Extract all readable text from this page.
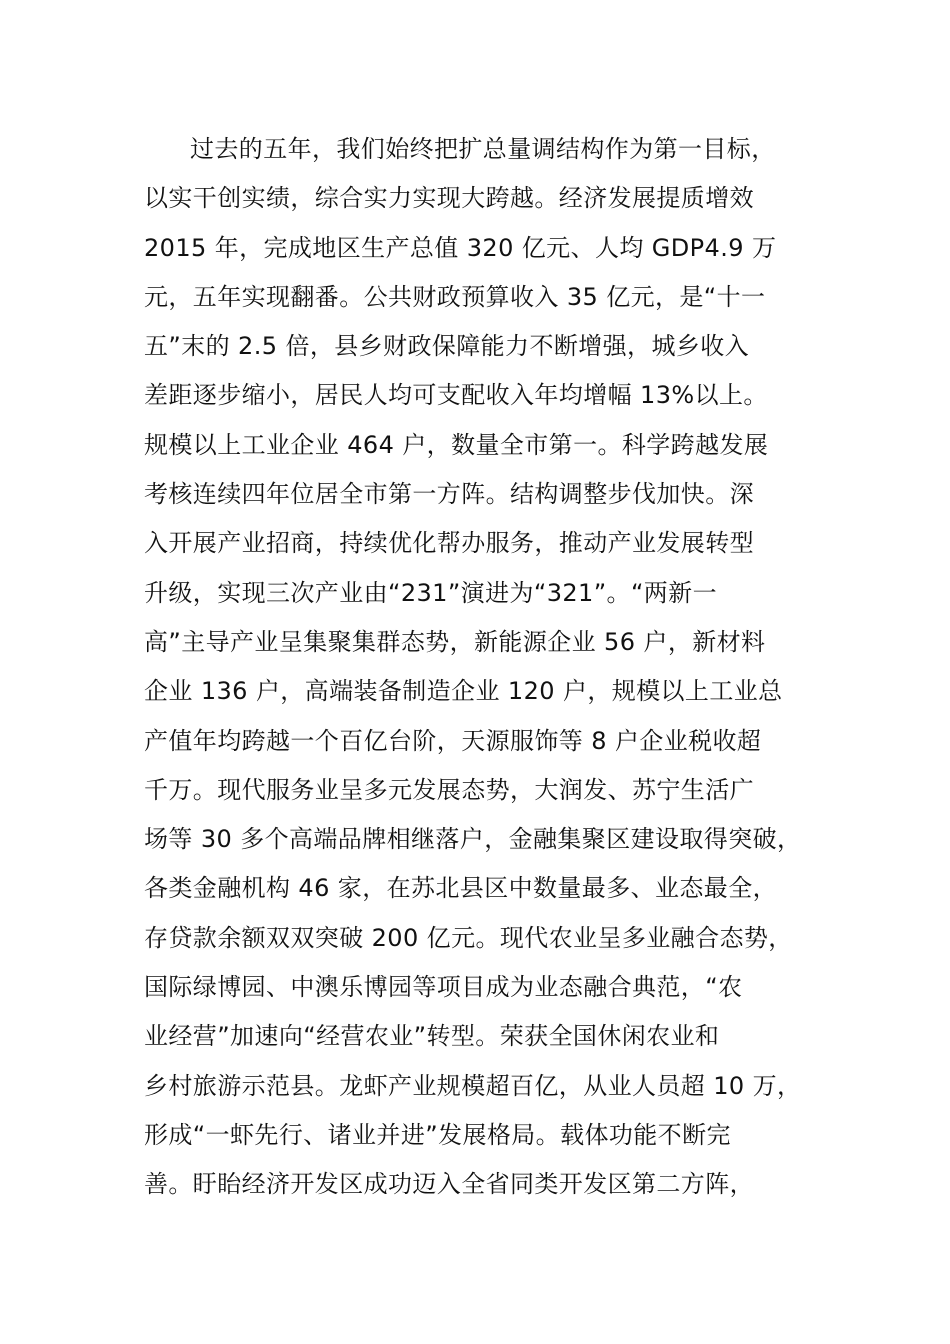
过去的五年，我们始终把扩总量调结构作为第一目标，
以实干创实绩，综合实力实现大跨越。经济发展提质增效
2015 年，完成地区生产总值 320 亿元、人均 GDP4.9 万
元，五年实现翻番。公共财政预算收入 35 亿元，是“十一
五”末的 2.5 倍，县乡财政保障能力不断增强，城乡收入
差距逐步缩小，居民人均可支配收入年均增幅 13%以上。
规模以上工业企业 464 户，数量全市第一。科学跨越发展
考核连续四年位居全市第一方阵。结构调整步伐加快。深
入开展产业招商，持续优化帮办服务，推动产业发展转型
升级，实现三次产业由“231”演进为“321”。“两新一
高”主导产业呈集聚集群态势，新能源企业 56 户，新材料
企业 136 户，高端装备制造企业 120 户，规模以上工业总
产值年均跨越一个百亿台阶，天源服饰等 8 户企业税收超
千万。现代服务业呈多元发展态势，大润发、苏宁生活广
场等 30 多个高端品牌相继落户，金融集聚区建设取得突破，
各类金融机构 46 家，在苏北县区中数量最多、业态最全，
存贷款余额双双突破 200 亿元。现代农业呈多业融合态势，
国际绿博园、中澳乐博园等项目成为业态融合典范，“农
业经营”加速向“经营农业”转型。荣获全国休闲农业和
乡村旅游示范县。龙虾产业规模超百亿，从业人员超 10 万，
形成“一虾先行、诸业并进”发展格局。载体功能不断完
善。盱眙经济开发区成功迈入全省同类开发区第二方阵，
